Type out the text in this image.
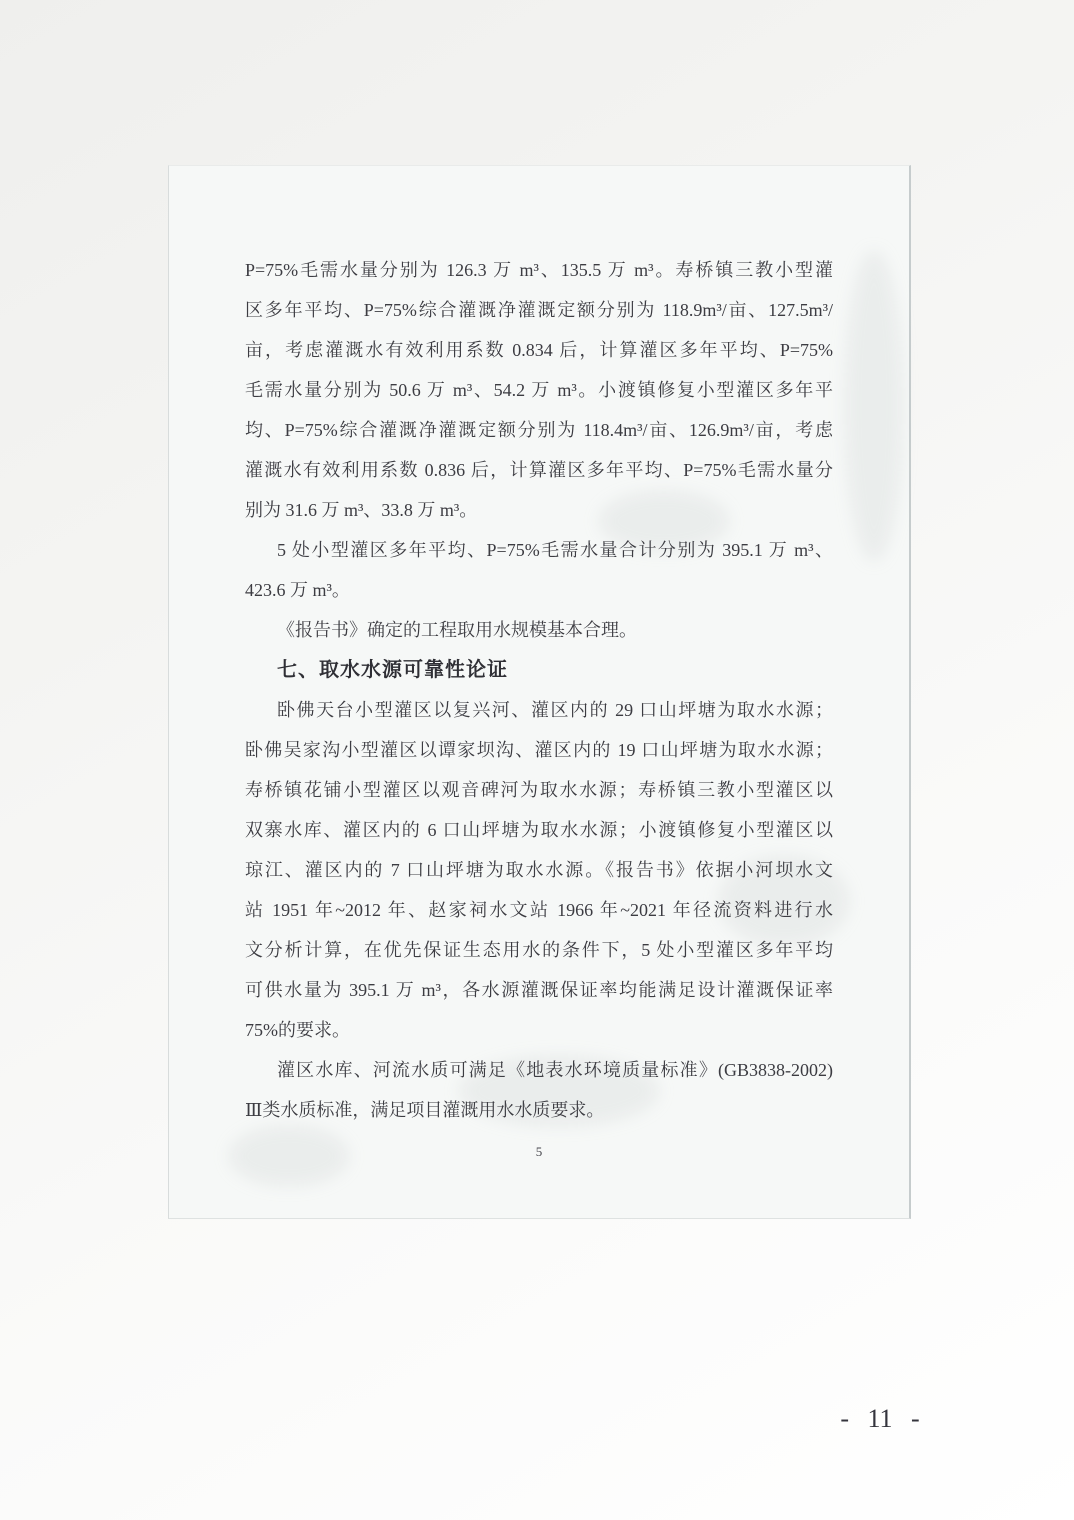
P=75%毛需水量分别为 126.3 万 m³、135.5 万 m³。寿桥镇三教小型灌
区多年平均、P=75%综合灌溉净灌溉定额分别为 118.9m³/亩、127.5m³/
亩，考虑灌溉水有效利用系数 0.834 后，计算灌区多年平均、P=75%
毛需水量分别为 50.6 万 m³、54.2 万 m³。小渡镇修复小型灌区多年平
均、P=75%综合灌溉净灌溉定额分别为 118.4m³/亩、126.9m³/亩，考虑
灌溉水有效利用系数 0.836 后，计算灌区多年平均、P=75%毛需水量分
别为 31.6 万 m³、33.8 万 m³。
5 处小型灌区多年平均、P=75%毛需水量合计分别为 395.1 万 m³、
423.6 万 m³。
《报告书》确定的工程取用水规模基本合理。
七、取水水源可靠性论证
卧佛天台小型灌区以复兴河、灌区内的 29 口山坪塘为取水水源；
卧佛吴家沟小型灌区以谭家坝沟、灌区内的 19 口山坪塘为取水水源；
寿桥镇花铺小型灌区以观音碑河为取水水源；寿桥镇三教小型灌区以
双寨水库、灌区内的 6 口山坪塘为取水水源；小渡镇修复小型灌区以
琼江、灌区内的 7 口山坪塘为取水水源。《报告书》依据小河坝水文
站 1951 年~2012 年、赵家祠水文站 1966 年~2021 年径流资料进行水
文分析计算，在优先保证生态用水的条件下，5 处小型灌区多年平均
可供水量为 395.1 万 m³，各水源灌溉保证率均能满足设计灌溉保证率
75%的要求。
灌区水库、河流水质可满足《地表水环境质量标准》(GB3838-2002)
Ⅲ类水质标准，满足项目灌溉用水水质要求。
5
- 11 -
